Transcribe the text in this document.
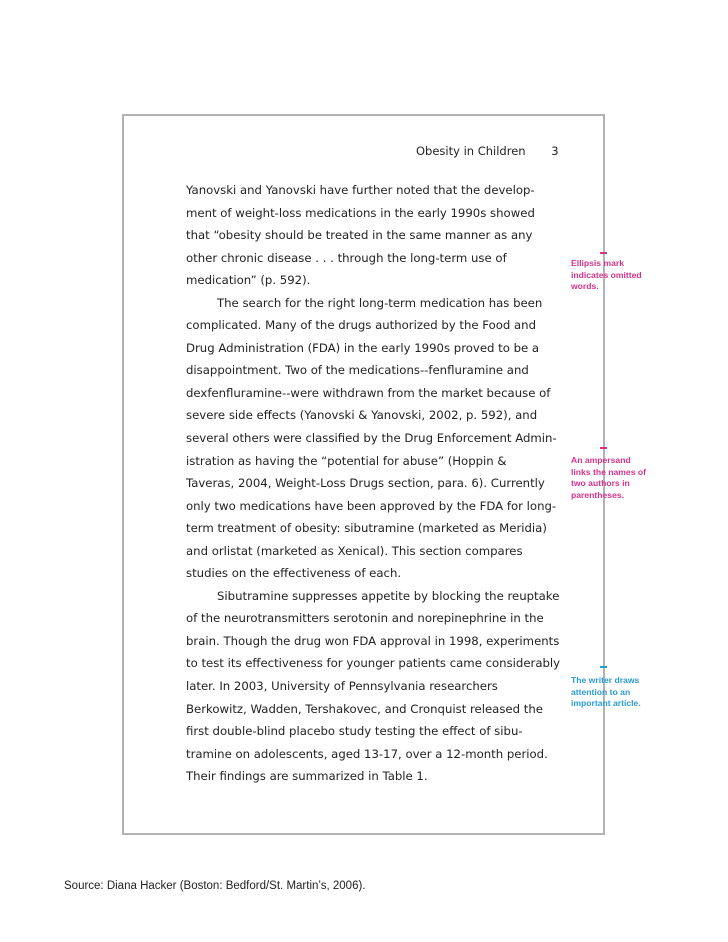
Obesity in Children 3
Yanovski and Yanovski have further noted that the develop-
ment of weight-loss medications in the early 1990s showed
that “obesity should be treated in the same manner as any
other chronic disease . . . through the long-term use of
medication” (p. 592).
The search for the right long-term medication has been
complicated. Many of the drugs authorized by the Food and
Drug Administration (FDA) in the early 1990s proved to be a
disappointment. Two of the medications--fenfluramine and
dexfenfluramine--were withdrawn from the market because of
severe side effects (Yanovski & Yanovski, 2002, p. 592), and
several others were classified by the Drug Enforcement Admin-
istration as having the “potential for abuse” (Hoppin &
Taveras, 2004, Weight-Loss Drugs section, para. 6). Currently
only two medications have been approved by the FDA for long-
term treatment of obesity: sibutramine (marketed as Meridia)
and orlistat (marketed as Xenical). This section compares
studies on the effectiveness of each.
Sibutramine suppresses appetite by blocking the reuptake
of the neurotransmitters serotonin and norepinephrine in the
brain. Though the drug won FDA approval in 1998, experiments
to test its effectiveness for younger patients came considerably
later. In 2003, University of Pennsylvania researchers
Berkowitz, Wadden, Tershakovec, and Cronquist released the
first double-blind placebo study testing the effect of sibu-
tramine on adolescents, aged 13-17, over a 12-month period.
Their findings are summarized in Table 1.
Ellipsis mark
indicates omitted
words.
An ampersand
links the names of
two authors in
parentheses.
The writer draws
attention to an
important article.
Source: Diana Hacker (Boston: Bedford/St. Martin’s, 2006).
